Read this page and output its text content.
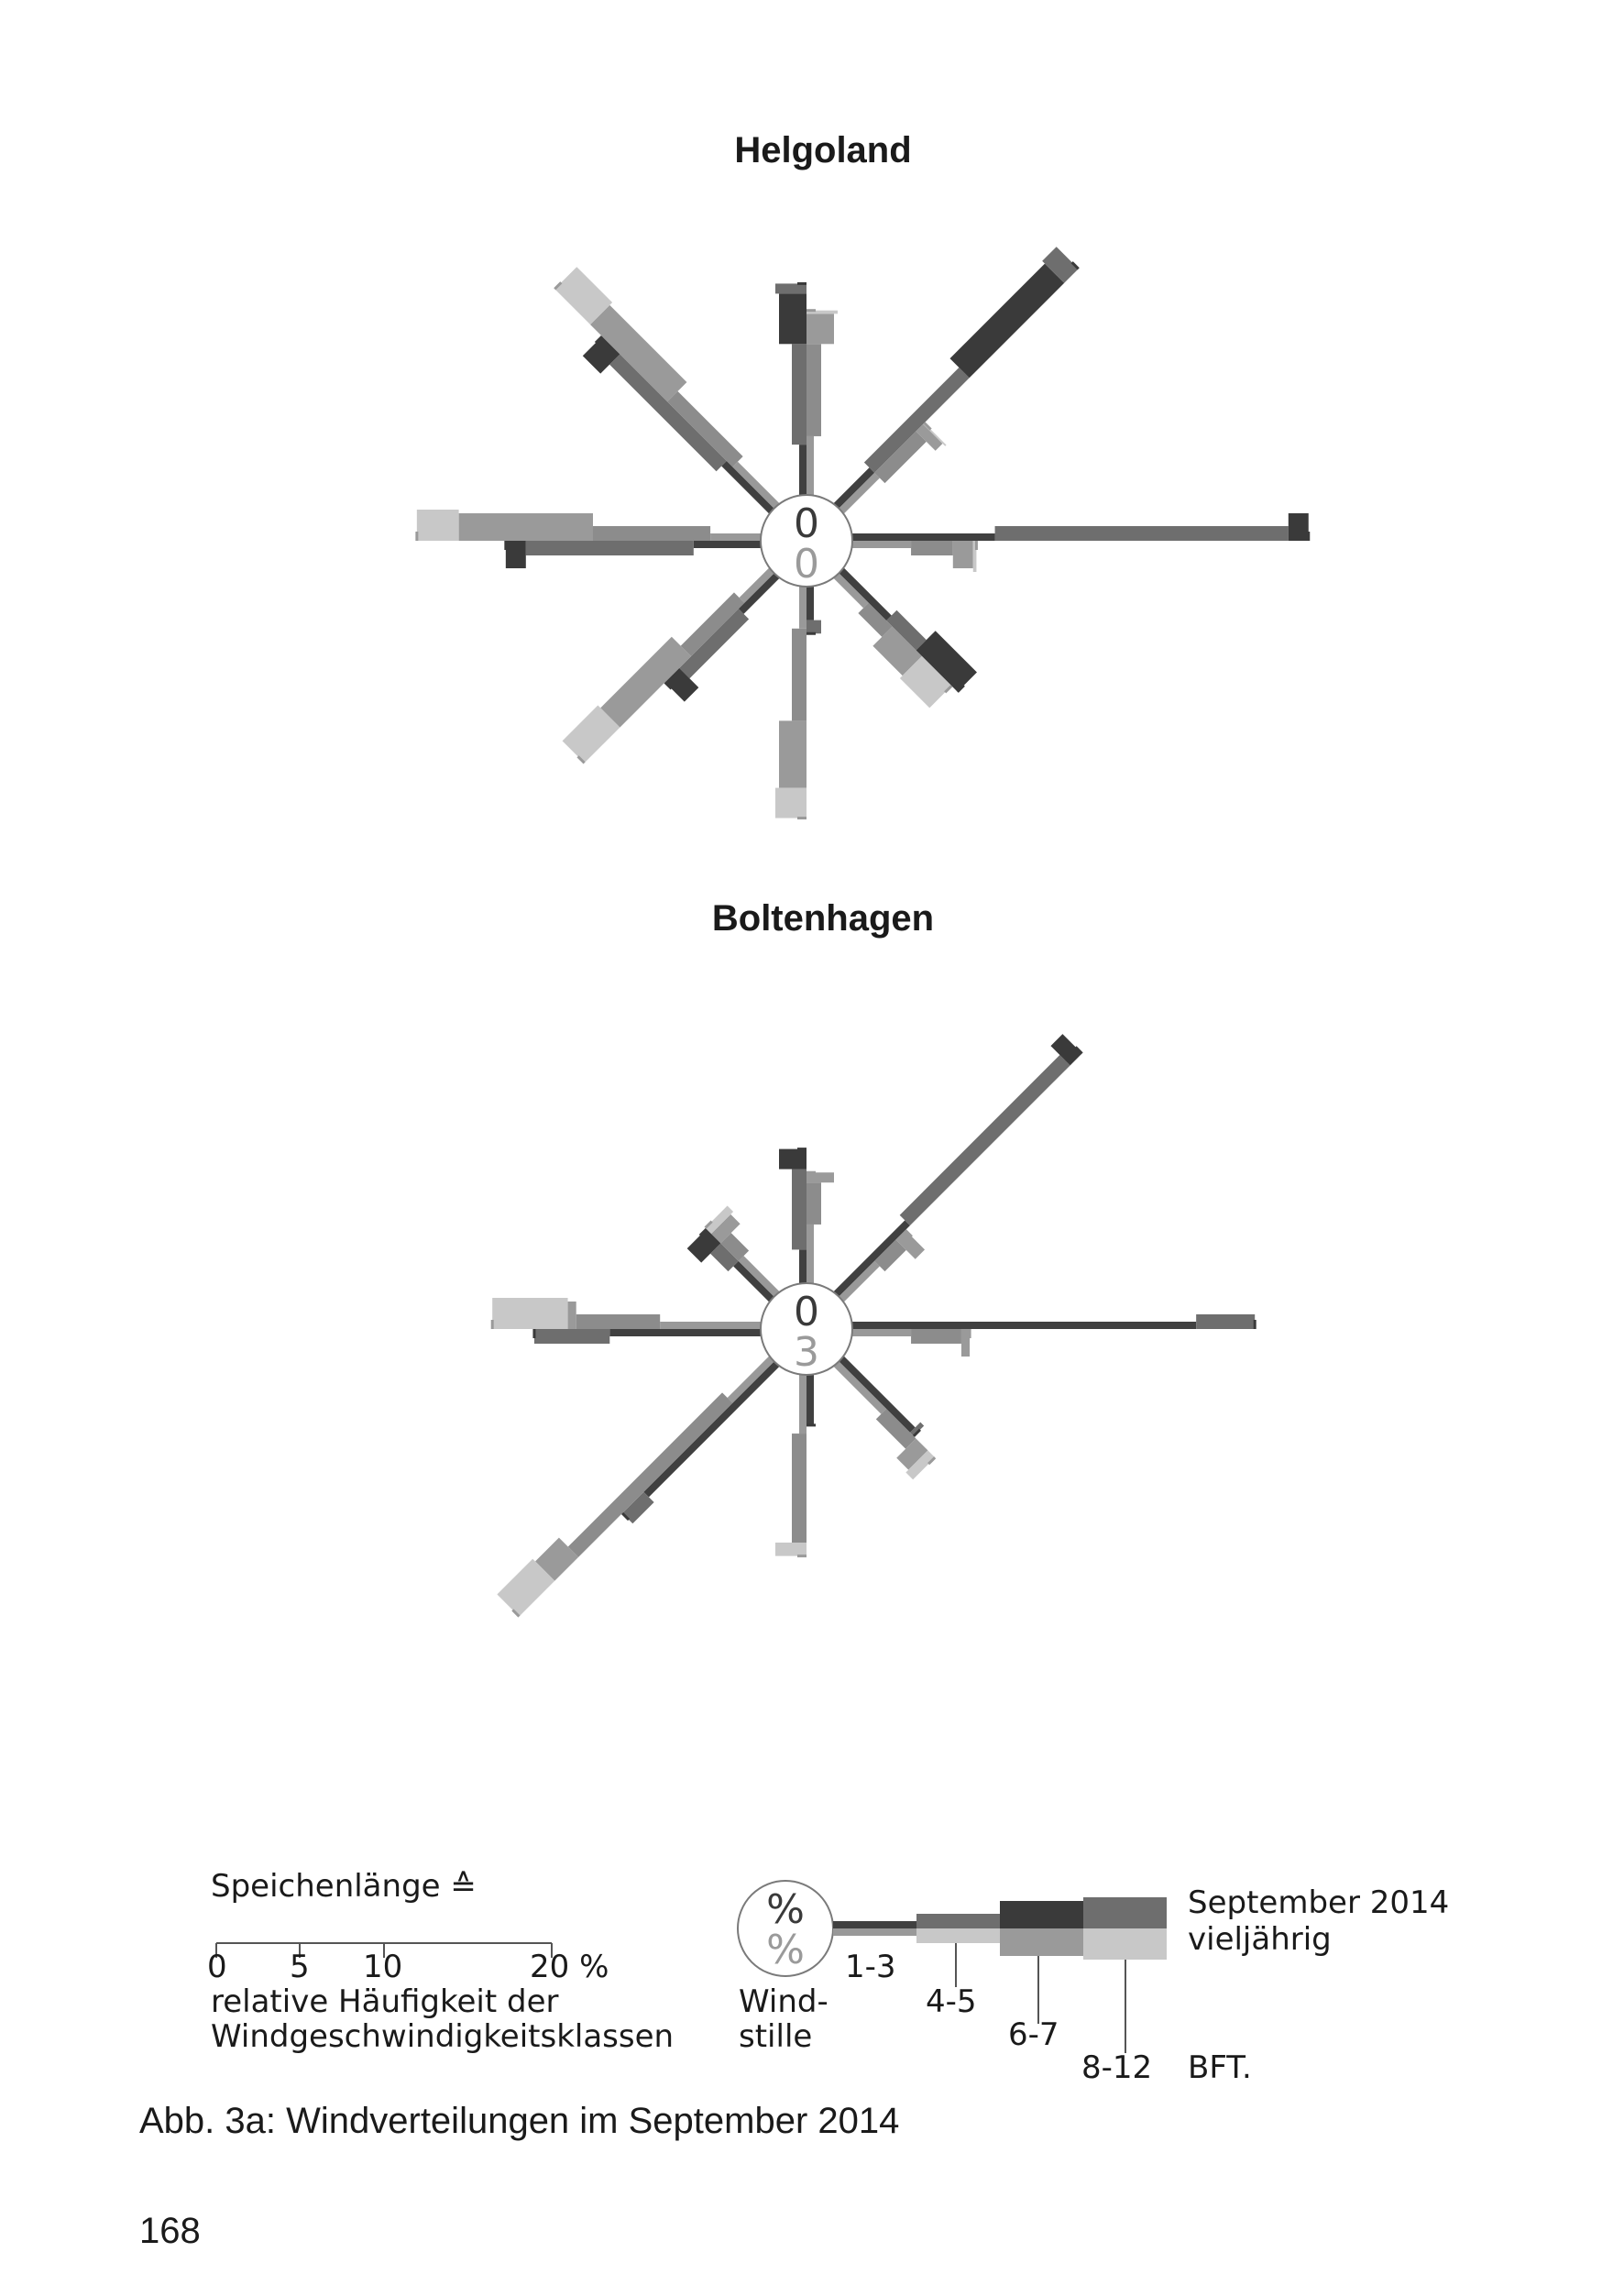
Helgoland
Boltenhagen
0
0
0
3
%
%
Speichenlänge ≙
0 5 10	20 %
relative Häufigkeit der
Windgeschwindigkeitsklassen
Wind-
stille
1-3
4-5
6-7
8-12 BFT.
September 2014
vieljährig
Abb. 3a: Windverteilungen im September 2014
168
